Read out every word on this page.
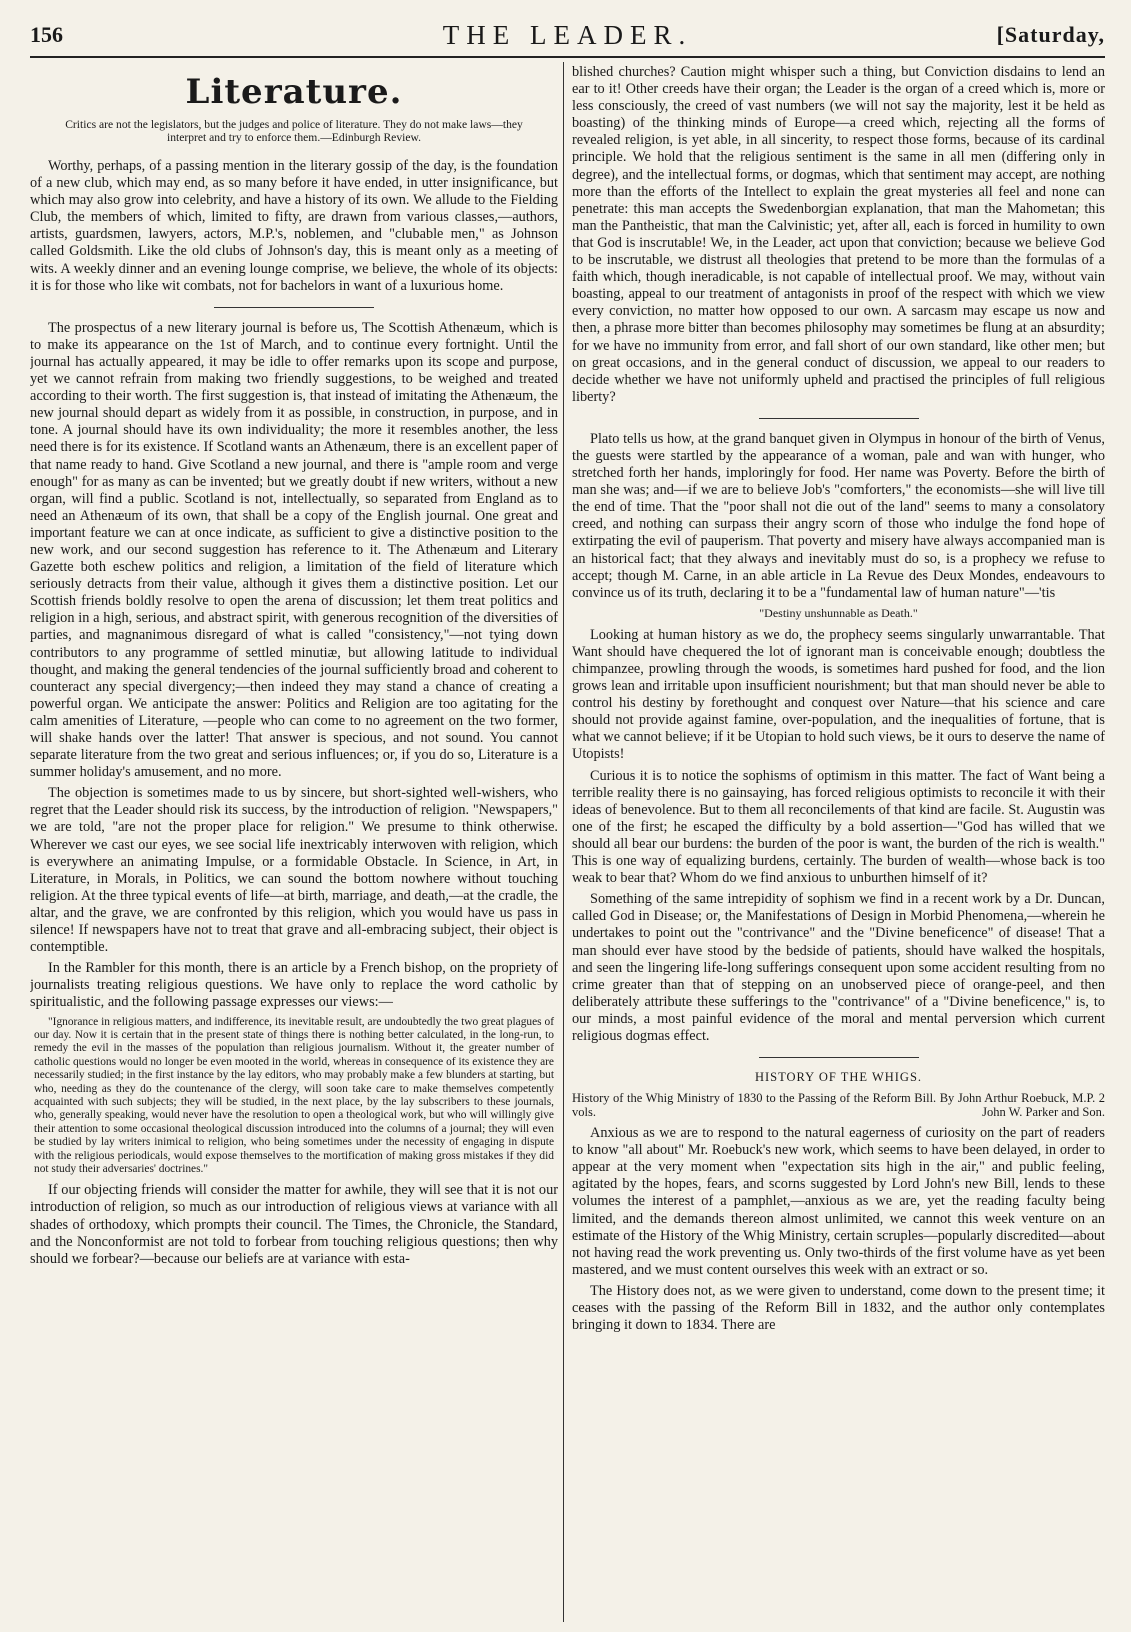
156	THE LEADER.	[Saturday,
Literature.
Critics are not the legislators, but the judges and police of literature. They do not make laws—they interpret and try to enforce them.—Edinburgh Review.

Worthy, perhaps, of a passing mention in the literary gossip of the day, is the foundation of a new club, which may end, as so many before it have ended, in utter insignificance, but which may also grow into celebrity, and have a history of its own. We allude to the Fielding Club, the members of which, limited to fifty, are drawn from various classes,—authors, artists, guardsmen, lawyers, actors, M.P.'s, noblemen, and "clubable men," as Johnson called Goldsmith. Like the old clubs of Johnson's day, this is meant only as a meeting of wits. A weekly dinner and an evening lounge comprise, we believe, the whole of its objects: it is for those who like wit combats, not for bachelors in want of a luxurious home.

The prospectus of a new literary journal is before us, The Scottish Athenæum, which is to make its appearance on the 1st of March, and to continue every fortnight. Until the journal has actually appeared, it may be idle to offer remarks upon its scope and purpose, yet we cannot refrain from making two friendly suggestions, to be weighed and treated according to their worth. The first suggestion is, that instead of imitating the Athenæum, the new journal should depart as widely from it as possible, in construction, in purpose, and in tone. A journal should have its own individuality; the more it resembles another, the less need there is for its existence. If Scotland wants an Athenæum, there is an excellent paper of that name ready to hand. Give Scotland a new journal, and there is "ample room and verge enough" for as many as can be invented; but we greatly doubt if new writers, without a new organ, will find a public. Scotland is not, intellectually, so separated from England as to need an Athenæum of its own, that shall be a copy of the English journal. One great and important feature we can at once indicate, as sufficient to give a distinctive position to the new work, and our second suggestion has reference to it. The Athenæum and Literary Gazette both eschew politics and religion, a limitation of the field of literature which seriously detracts from their value, although it gives them a distinctive position. Let our Scottish friends boldly resolve to open the arena of discussion; let them treat politics and religion in a high, serious, and abstract spirit, with generous recognition of the diversities of parties, and magnanimous disregard of what is called "consistency,"—not tying down contributors to any programme of settled minutiæ, but allowing latitude to individual thought, and making the general tendencies of the journal sufficiently broad and coherent to counteract any special divergency;—then indeed they may stand a chance of creating a powerful organ. We anticipate the answer: Politics and Religion are too agitating for the calm amenities of Literature, —people who can come to no agreement on the two former, will shake hands over the latter! That answer is specious, and not sound. You cannot separate literature from the two great and serious influences; or, if you do so, Literature is a summer holiday's amusement, and no more.

The objection is sometimes made to us by sincere, but short-sighted well-wishers, who regret that the Leader should risk its success, by the introduction of religion. "Newspapers," we are told, "are not the proper place for religion." We presume to think otherwise. Wherever we cast our eyes, we see social life inextricably interwoven with religion, which is everywhere an animating Impulse, or a formidable Obstacle. In Science, in Art, in Literature, in Morals, in Politics, we can sound the bottom nowhere without touching religion. At the three typical events of life—at birth, marriage, and death,—at the cradle, the altar, and the grave, we are confronted by this religion, which you would have us pass in silence! If newspapers have not to treat that grave and all-embracing subject, their object is contemptible.

In the Rambler for this month, there is an article by a French bishop, on the propriety of journalists treating religious questions. We have only to replace the word catholic by spiritualistic, and the following passage expresses our views:—

"Ignorance in religious matters, and indifference, its inevitable result, are undoubtedly the two great plagues of our day. Now it is certain that in the present state of things there is nothing better calculated, in the long-run, to remedy the evil in the masses of the population than religious journalism. Without it, the greater number of catholic questions would no longer be even mooted in the world, whereas in consequence of its existence they are necessarily studied; in the first instance by the lay editors, who may probably make a few blunders at starting, but who, needing as they do the countenance of the clergy, will soon take care to make themselves competently acquainted with such subjects; they will be studied, in the next place, by the lay subscribers to these journals, who, generally speaking, would never have the resolution to open a theological work, but who will willingly give their attention to some occasional theological discussion introduced into the columns of a journal; they will even be studied by lay writers inimical to religion, who being sometimes under the necessity of engaging in dispute with the religious periodicals, would expose themselves to the mortification of making gross mistakes if they did not study their adversaries' doctrines."

If our objecting friends will consider the matter for awhile, they will see that it is not our introduction of religion, so much as our introduction of religious views at variance with all shades of orthodoxy, which prompts their council. The Times, the Chronicle, the Standard, and the Nonconformist are not told to forbear from touching religious questions; then why should we forbear?—because our beliefs are at variance with esta-

blished churches? Caution might whisper such a thing, but Conviction disdains to lend an ear to it! Other creeds have their organ; the Leader is the organ of a creed which is, more or less consciously, the creed of vast numbers (we will not say the majority, lest it be held as boasting) of the thinking minds of Europe—a creed which, rejecting all the forms of revealed religion, is yet able, in all sincerity, to respect those forms, because of its cardinal principle. We hold that the religious sentiment is the same in all men (differing only in degree), and the intellectual forms, or dogmas, which that sentiment may accept, are nothing more than the efforts of the Intellect to explain the great mysteries all feel and none can penetrate: this man accepts the Swedenborgian explanation, that man the Mahometan; this man the Pantheistic, that man the Calvinistic; yet, after all, each is forced in humility to own that God is inscrutable! We, in the Leader, act upon that conviction; because we believe God to be inscrutable, we distrust all theologies that pretend to be more than the formulas of a faith which, though ineradicable, is not capable of intellectual proof. We may, without vain boasting, appeal to our treatment of antagonists in proof of the respect with which we view every conviction, no matter how opposed to our own. A sarcasm may escape us now and then, a phrase more bitter than becomes philosophy may sometimes be flung at an absurdity; for we have no immunity from error, and fall short of our own standard, like other men; but on great occasions, and in the general conduct of discussion, we appeal to our readers to decide whether we have not uniformly upheld and practised the principles of full religious liberty?

Plato tells us how, at the grand banquet given in Olympus in honour of the birth of Venus, the guests were startled by the appearance of a woman, pale and wan with hunger, who stretched forth her hands, imploringly for food. Her name was Poverty. Before the birth of man she was; and—if we are to believe Job's "comforters," the economists—she will live till the end of time. That the "poor shall not die out of the land" seems to many a consolatory creed, and nothing can surpass their angry scorn of those who indulge the fond hope of extirpating the evil of pauperism. That poverty and misery have always accompanied man is an historical fact; that they always and inevitably must do so, is a prophecy we refuse to accept; though M. Carne, in an able article in La Revue des Deux Mondes, endeavours to convince us of its truth, declaring it to be a "fundamental law of human nature"—'tis

"Destiny unshunnable as Death."

Looking at human history as we do, the prophecy seems singularly unwarrantable. That Want should have chequered the lot of ignorant man is conceivable enough; doubtless the chimpanzee, prowling through the woods, is sometimes hard pushed for food, and the lion grows lean and irritable upon insufficient nourishment; but that man should never be able to control his destiny by forethought and conquest over Nature—that his science and care should not provide against famine, over-population, and the inequalities of fortune, that is what we cannot believe; if it be Utopian to hold such views, be it ours to deserve the name of Utopists!

Curious it is to notice the sophisms of optimism in this matter. The fact of Want being a terrible reality there is no gainsaying, has forced religious optimists to reconcile it with their ideas of benevolence. But to them all reconcilements of that kind are facile. St. Augustin was one of the first; he escaped the difficulty by a bold assertion—"God has willed that we should all bear our burdens: the burden of the poor is want, the burden of the rich is wealth." This is one way of equalizing burdens, certainly. The burden of wealth—whose back is too weak to bear that? Whom do we find anxious to unburthen himself of it?

Something of the same intrepidity of sophism we find in a recent work by a Dr. Duncan, called God in Disease; or, the Manifestations of Design in Morbid Phenomena,—wherein he undertakes to point out the "contrivance" and the "Divine beneficence" of disease! That a man should ever have stood by the bedside of patients, should have walked the hospitals, and seen the lingering life-long sufferings consequent upon some accident resulting from no crime greater than that of stepping on an unobserved piece of orange-peel, and then deliberately attribute these sufferings to the "contrivance" of a "Divine beneficence," is, to our minds, a most painful evidence of the moral and mental perversion which current religious dogmas effect.

HISTORY OF THE WHIGS.
History of the Whig Ministry of 1830 to the Passing of the Reform Bill. By John Arthur Roebuck, M.P. 2 vols.	John W. Parker and Son.

Anxious as we are to respond to the natural eagerness of curiosity on the part of readers to know "all about" Mr. Roebuck's new work, which seems to have been delayed, in order to appear at the very moment when "expectation sits high in the air," and public feeling, agitated by the hopes, fears, and scorns suggested by Lord John's new Bill, lends to these volumes the interest of a pamphlet,—anxious as we are, yet the reading faculty being limited, and the demands thereon almost unlimited, we cannot this week venture on an estimate of the History of the Whig Ministry, certain scruples—popularly discredited—about not having read the work preventing us. Only two-thirds of the first volume have as yet been mastered, and we must content ourselves this week with an extract or so.

The History does not, as we were given to understand, come down to the present time; it ceases with the passing of the Reform Bill in 1832, and the author only contemplates bringing it down to 1834. There are
